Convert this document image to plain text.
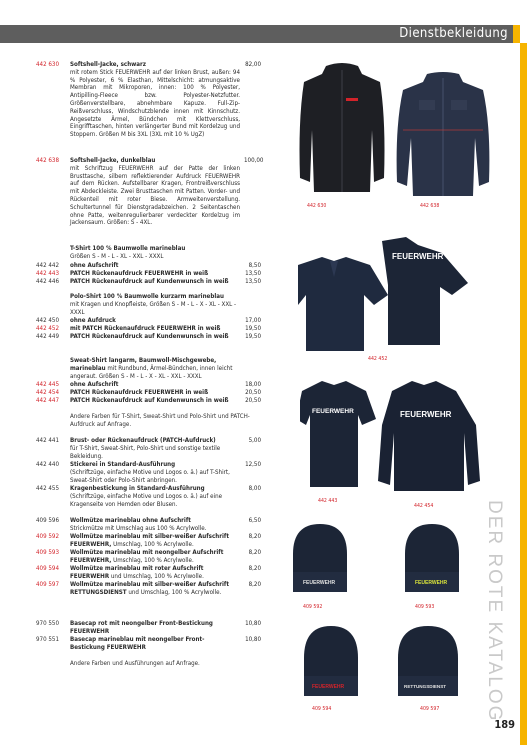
Dienstbekleidung
DER ROTE KATALOG
189
442 630	82,00
Softshell-Jacke, schwarz

mit rotem Stick FEUERWEHR auf der linken Brust, außen: 94 % Polyester, 6 % Elasthan, Mittelschicht: atmungsaktive Membran mit Mikroporen, innen: 100 % Polyester, Antipilling-Fleece bzw. Polyester-Netzfutter. Größenverstellbare, abnehmbare Kapuze. Full-Zip-Reißverschluss, Windschutzblende innen mit Kinnschutz. Angesetzte Ärmel, Bündchen mit Klettverschluss, Eingrifftaschen, hinten verlängerter Bund mit Kordelzug und Stoppern. Größen M bis 3XL (3XL mit 10 % UgZ)
442 638	100,00
Softshell-Jacke, dunkelblau

mit Schriftzug FEUERWEHR auf der Patte der linken Brusttasche, silbern reflektierender Aufdruck FEUERWEHR auf dem Rücken. Aufstellbarer Kragen, Frontreißverschluss mit Abdeckleiste. Zwei Brusttaschen mit Patten. Vorder- und Rückenteil mit roter Biese. Armweitenverstellung. Schultertunnel für Dienstgradabzeichen. 2 Seitentaschen ohne Patte, weitenregulierbarer verdeckter Kordelzug im Jackensaum. Größen: S - 4XL.
T-Shirt 100 % Baumwolle marineblau
Größen S - M - L - XL - XXL - XXXL
442 442 ohne Aufschrift	8,50
442 443 PATCH Rückenaufdruck FEUERWEHR in weiß	13,50
442 446 PATCH Rückenaufdruck auf Kundenwunsch in weiß	13,50
Polo-Shirt 100 % Baumwolle kurzarm marineblau
mit Kragen und Knopfleiste, Größen S - M - L - X - XL - XXL - XXXL
442 450 ohne Aufdruck	17,00
442 452 mit PATCH Rückenaufdruck FEUERWEHR in weiß	19,50
442 449 PATCH Rückenaufdruck auf Kundenwunsch in weiß	19,50
Sweat-Shirt langarm, Baumwoll-Mischgewebe,
marineblau mit Rundbund, Ärmel-Bündchen, innen leicht angeraut. Größen S - M - L - X - XL - XXL - XXXL
442 445 ohne Aufschrift	18,00
442 454 PATCH Rückenaufdruck FEUERWEHR in weiß	20,50
442 447 PATCH Rückenaufdruck auf Kundenwunsch in weiß	20,50
Andere Farben für T-Shirt, Sweat-Shirt und Polo-Shirt und PATCH-Aufdruck auf Anfrage.
442 441	5,00
Brust- oder Rückenaufdruck (PATCH-Aufdruck)
für T-Shirt, Sweat-Shirt, Polo-Shirt und sonstige textile Bekleidung.
442 440	12,50
Stickerei in Standard-Ausführung
(Schriftzüge, einfache Motive und Logos o. ä.) auf T-Shirt, Sweat-Shirt oder Polo-Shirt anbringen.
442 455	8,00
Kragenbestickung in Standard-Ausführung
(Schriftzüge, einfache Motive und Logos o. ä.) auf eine Kragenseite von Hemden oder Blusen.
409 596	6,50
Wollmütze marineblau ohne Aufschrift
Strickmütze mit Umschlag aus 100 % Acrylwolle.
409 592	8,20
Wollmütze marineblau mit silber-weißer Aufschrift FEUERWEHR, Umschlag, 100 % Acrylwolle.
409 593	8,20
Wollmütze marineblau mit neongelber Aufschrift FEUERWEHR, Umschlag, 100 % Acrylwolle.
409 594	8,20
Wollmütze marineblau mit roter Aufschrift FEUERWEHR und Umschlag, 100 % Acrylwolle.
409 597	8,20
Wollmütze marineblau mit silber-weißer Aufschrift RETTUNGSDIENST und Umschlag, 100 % Acrylwolle.
970 550	10,80
Basecap rot mit neongelber Front-Bestickung FEUERWEHR
970 551	10,80
Basecap marineblau mit neongelber Front-Bestickung FEUERWEHR
Andere Farben und Ausführungen auf Anfrage.
442 630	442 638
FEUERWEHR
442 452
FEUERWEHR	FEUERWEHR
442 443
442 454
FEUERWEHR
409 592
FEUERWEHR
409 593
FEUERWEHR
409 594
RETTUNGSDIENST
409 597
